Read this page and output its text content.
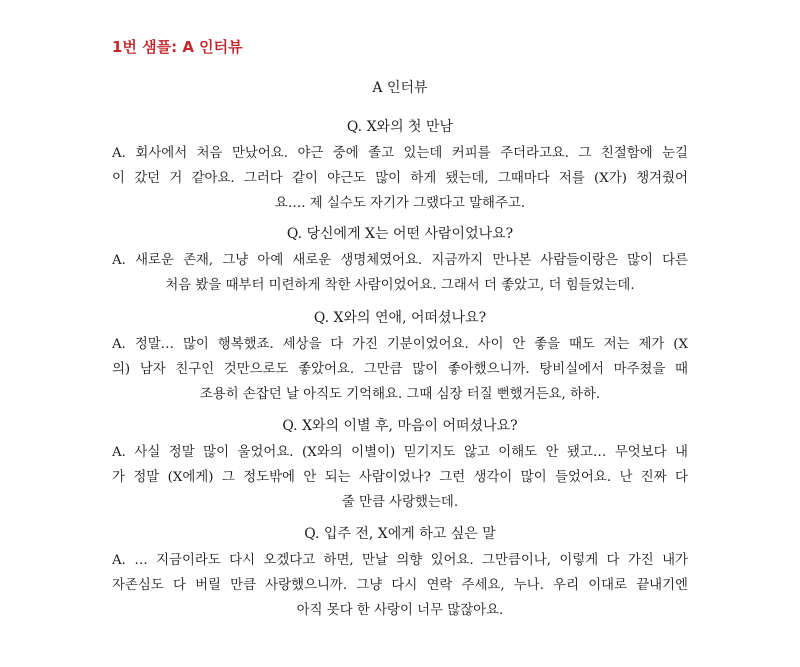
1번 샘플: A 인터뷰
A 인터뷰
Q. X와의 첫 만남
A. 회사에서 처음 만났어요. 야근 중에 졸고 있는데 커피를 주더라고요. 그 친절함에 눈길
이 갔던 거 같아요. 그러다 같이 야근도 많이 하게 됐는데, 그때마다 저를 (X가) 챙겨줬어
요…. 제 실수도 자기가 그랬다고 말해주고.
Q. 당신에게 X는 어떤 사람이었나요?
A. 새로운 존재, 그냥 아예 새로운 생명체였어요. 지금까지 만나본 사람들이랑은 많이 다른
처음 봤을 때부터 미련하게 착한 사람이었어요. 그래서 더 좋았고, 더 힘들었는데.
Q. X와의 연애, 어떠셨나요?
A. 정말… 많이 행복했죠. 세상을 다 가진 기분이었어요. 사이 안 좋을 때도 저는 제가 (X
의) 남자 친구인 것만으로도 좋았어요. 그만큼 많이 좋아했으니까. 탕비실에서 마주쳤을 때
조용히 손잡던 날 아직도 기억해요. 그때 심장 터질 뻔했거든요, 하하.
Q. X와의 이별 후, 마음이 어떠셨나요?
A. 사실 정말 많이 울었어요. (X와의 이별이) 믿기지도 않고 이해도 안 됐고… 무엇보다 내
가 정말 (X에게) 그 정도밖에 안 되는 사람이었나? 그런 생각이 많이 들었어요. 난 진짜 다
줄 만큼 사랑했는데.
Q. 입주 전, X에게 하고 싶은 말
A. … 지금이라도 다시 오겠다고 하면, 만날 의향 있어요. 그만큼이나, 이렇게 다 가진 내가
자존심도 다 버릴 만큼 사랑했으니까. 그냥 다시 연락 주세요, 누나. 우리 이대로 끝내기엔
아직 못다 한 사랑이 너무 많잖아요.
